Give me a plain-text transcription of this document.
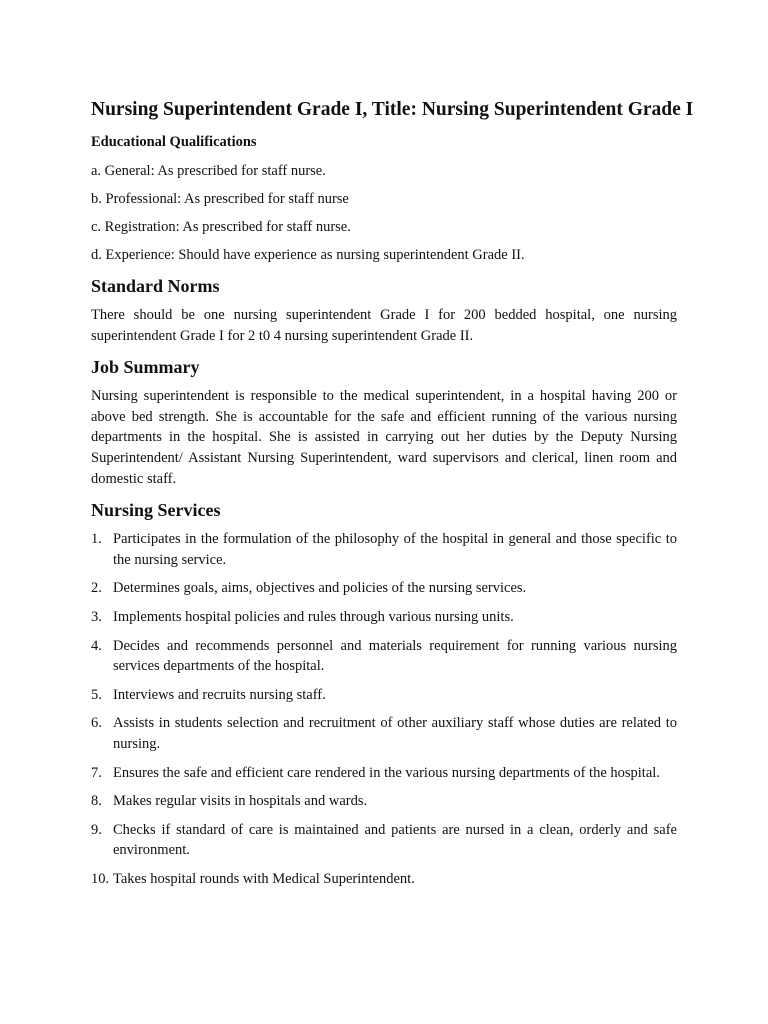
Nursing Superintendent Grade I, Title: Nursing Superintendent Grade I
Educational Qualifications
a. General: As prescribed for staff nurse.
b. Professional: As prescribed for staff nurse
c. Registration: As prescribed for staff nurse.
d. Experience: Should have experience as nursing superintendent Grade II.
Standard Norms

There should be one nursing superintendent Grade I for 200 bedded hospital, one nursing superintendent Grade I for 2 t0 4 nursing superintendent Grade II.

Job Summary

Nursing superintendent is responsible to the medical superintendent, in a hospital having 200 or above bed strength. She is accountable for the safe and efficient running of the various nursing departments in the hospital. She is assisted in carrying out her duties by the Deputy Nursing Superintendent/ Assistant Nursing Superintendent, ward supervisors and clerical, linen room and domestic staff.

Nursing Services
1. Participates in the formulation of the philosophy of the hospital in general and those specific to the nursing service.
2. Determines goals, aims, objectives and policies of the nursing services.
3. Implements hospital policies and rules through various nursing units.
4. Decides and recommends personnel and materials requirement for running various nursing services departments of the hospital.
5. Interviews and recruits nursing staff.
6. Assists in students selection and recruitment of other auxiliary staff whose duties are related to nursing.
7. Ensures the safe and efficient care rendered in the various nursing departments of the hospital.
8. Makes regular visits in hospitals and wards.
9. Checks if standard of care is maintained and patients are nursed in a clean, orderly and safe environment.
10. Takes hospital rounds with Medical Superintendent.
